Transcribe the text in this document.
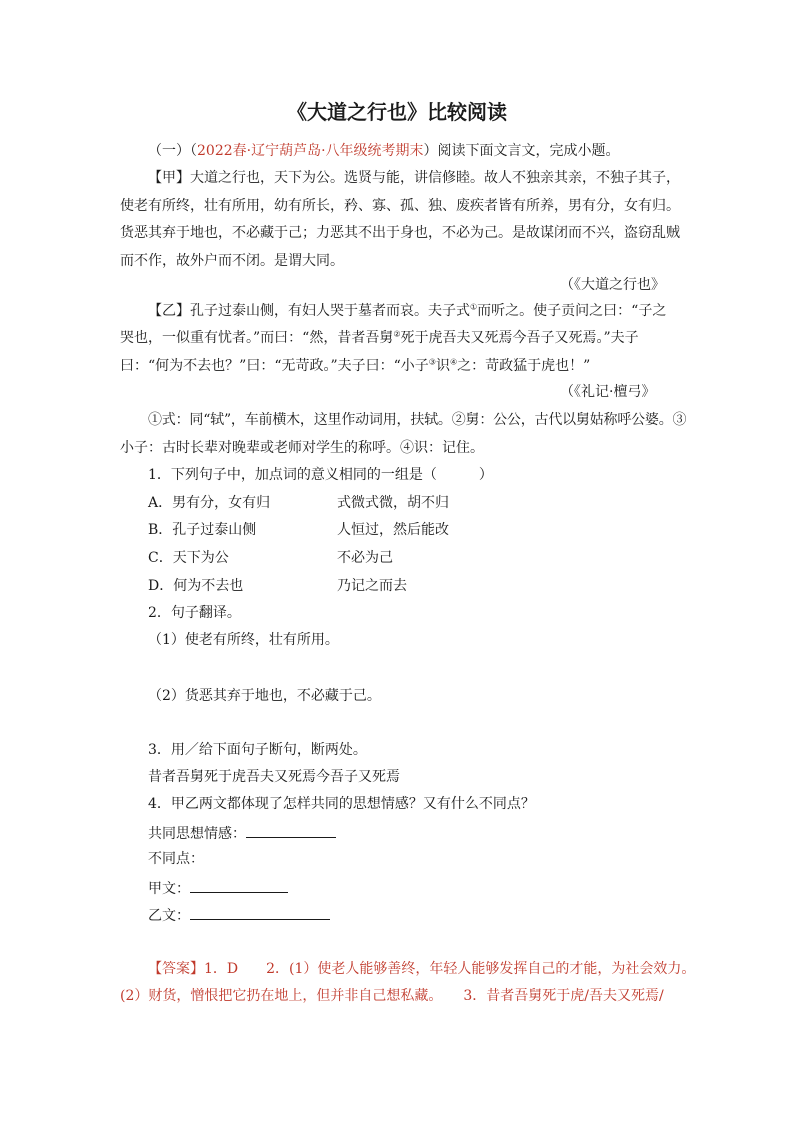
《大道之行也》比较阅读
（一）（2022春·辽宁葫芦岛·八年级统考期末）阅读下面文言文，完成小题。
【甲】大道之行也，天下为公。选贤与能，讲信修睦。故人不独亲其亲，不独子其子，
使老有所终，壮有所用，幼有所长，矜、寡、孤、独、废疾者皆有所养，男有分，女有归。
货恶其弃于地也，不必藏于己；力恶其不出于身也，不必为己。是故谋闭而不兴，盗窃乱贼
而不作，故外户而不闭。是谓大同。
（《大道之行也》
【乙】孔子过泰山侧，有妇人哭于墓者而哀。夫子式①而听之。使子贡问之曰：“子之
哭也，一似重有忧者。”而曰：“然，昔者吾舅②死于虎吾夫又死焉今吾子又死焉。”夫子
曰：“何为不去也？”曰：“无苛政。”夫子曰：“小子③识④之：苛政猛于虎也！”
（《礼记·檀弓》
①式：同“轼”，车前横木，这里作动词用，扶轼。②舅：公公，古代以舅姑称呼公婆。③
小子：古时长辈对晚辈或老师对学生的称呼。④识：记住。
1．下列句子中，加点词的意义相同的一组是（　　　）
A．男有分，女有归	式微式微，胡不归
B．孔子过泰山侧	人恒过，然后能改
C．天下为公	不必为己
D．何为不去也	乃记之而去
2．句子翻译。
（1）使老有所终，壮有所用。
（2）货恶其弃于地也，不必藏于己。
3．用／给下面句子断句，断两处。
昔者吾舅死于虎吾夫又死焉今吾子又死焉
4．甲乙两文都体现了怎样共同的思想情感？又有什么不同点？
共同思想情感：
不同点：
甲文：
乙文：
【答案】1．D　　2．(1）使老人能够善终，年轻人能够发挥自己的才能，为社会效力。
(2）财货，憎恨把它扔在地上，但并非自己想私藏。　　3．昔者吾舅死于虎/吾夫又死焉/
